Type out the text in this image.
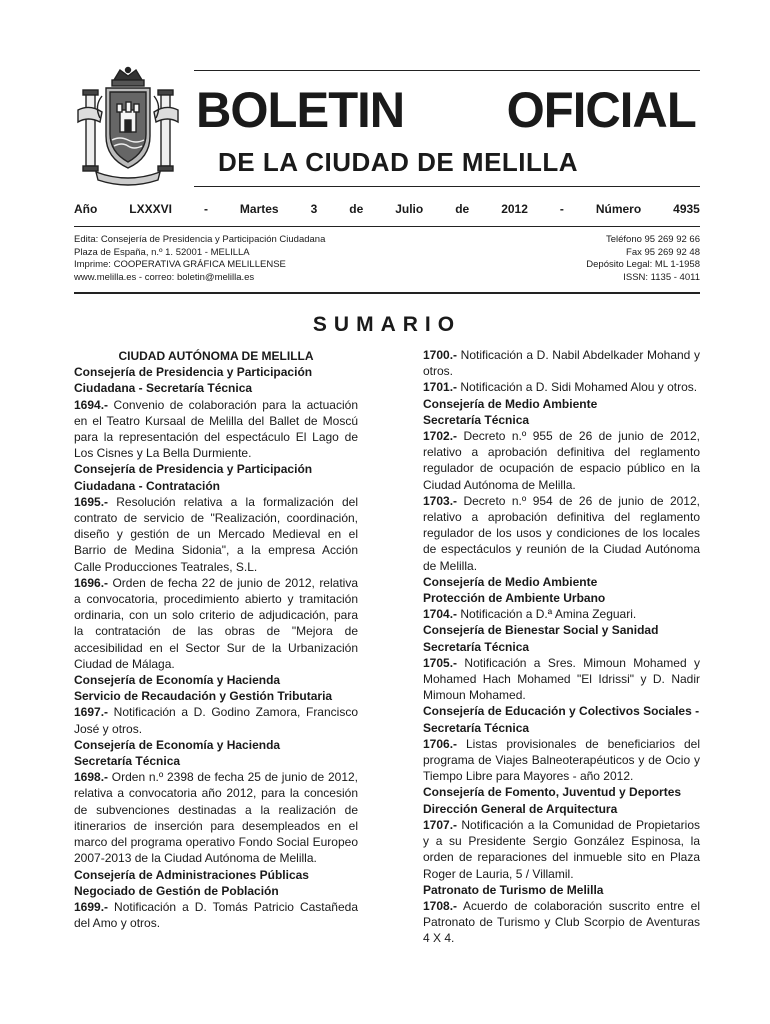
BOLETIN OFICIAL
DE LA CIUDAD DE MELILLA
Año	LXXXVI	-	Martes	3	de	Julio	de	2012	-	Número	4935
Edita: Consejería de Presidencia y Participación Ciudadana
Plaza de España, n.º 1. 52001 - MELILLA
Imprime: COOPERATIVA GRÁFICA MELILLENSE
www.melilla.es - correo: boletin@melilla.es
Teléfono 95 269 92 66
Fax 95 269 92 48
Depósito Legal: ML 1-1958
ISSN: 1135 - 4011
SUMARIO

CIUDAD AUTÓNOMA DE MELILLA

Consejería de Presidencia y Participación Ciudadana - Secretaría Técnica

1694.- Convenio de colaboración para la actuación en el Teatro Kursaal de Melilla del Ballet de Moscú para la representación del espectáculo El Lago de Los Cisnes y La Bella Durmiente.

Consejería de Presidencia y Participación Ciudadana - Contratación

1695.- Resolución relativa a la formalización del contrato de servicio de "Realización, coordinación, diseño y gestión de un Mercado Medieval en el Barrio de Medina Sidonia", a la empresa Acción Calle Producciones Teatrales, S.L.

1696.- Orden de fecha 22 de junio de 2012, relativa a convocatoria, procedimiento abierto y tramitación ordinaria, con un solo criterio de adjudicación, para la contratación de las obras de "Mejora de accesibilidad en el Sector Sur de la Urbanización Ciudad de Málaga.

Consejería de Economía y Hacienda

Servicio de Recaudación y Gestión Tributaria

1697.- Notificación a D. Godino Zamora, Francisco José y otros.

Consejería de Economía y Hacienda

Secretaría Técnica

1698.- Orden n.º 2398 de fecha 25 de junio de 2012, relativa a convocatoria año 2012, para la concesión de subvenciones destinadas a la realización de itinerarios de inserción para desempleados en el marco del programa operativo Fondo Social Europeo 2007-2013 de la Ciudad Autónoma de Melilla.

Consejería de Administraciones Públicas

Negociado de Gestión de Población

1699.- Notificación a D. Tomás Patricio Castañeda del Amo y otros.

1700.- Notificación a D. Nabil Abdelkader Mohand y otros.

1701.- Notificación a D. Sidi Mohamed Alou y otros.

Consejería de Medio Ambiente

Secretaría Técnica

1702.- Decreto n.º 955 de 26 de junio de 2012, relativo a aprobación definitiva del reglamento regulador de ocupación de espacio público en la Ciudad Autónoma de Melilla.

1703.- Decreto n.º 954 de 26 de junio de 2012, relativo a aprobación definitiva del reglamento regulador de los usos y condiciones de los locales de espectáculos y reunión de la Ciudad Autónoma de Melilla.

Consejería de Medio Ambiente

Protección de Ambiente Urbano

1704.- Notificación a D.ª Amina Zeguari.

Consejería de Bienestar Social y Sanidad

Secretaría Técnica

1705.- Notificación a Sres. Mimoun Mohamed y Mohamed Hach Mohamed "El Idrissi" y D. Nadir Mimoun Mohamed.

Consejería de Educación y Colectivos Sociales - Secretaría Técnica

1706.- Listas provisionales de beneficiarios del programa de Viajes Balneoterapéuticos y de Ocio y Tiempo Libre para Mayores - año 2012.

Consejería de Fomento, Juventud y Deportes

Dirección General de Arquitectura

1707.- Notificación a la Comunidad de Propietarios y a su Presidente Sergio González Espinosa, la orden de reparaciones del inmueble sito en Plaza Roger de Lauria, 5 / Villamil.

Patronato de Turismo de Melilla

1708.- Acuerdo de colaboración suscrito entre el Patronato de Turismo y Club Scorpio de Aventuras 4 X 4.
